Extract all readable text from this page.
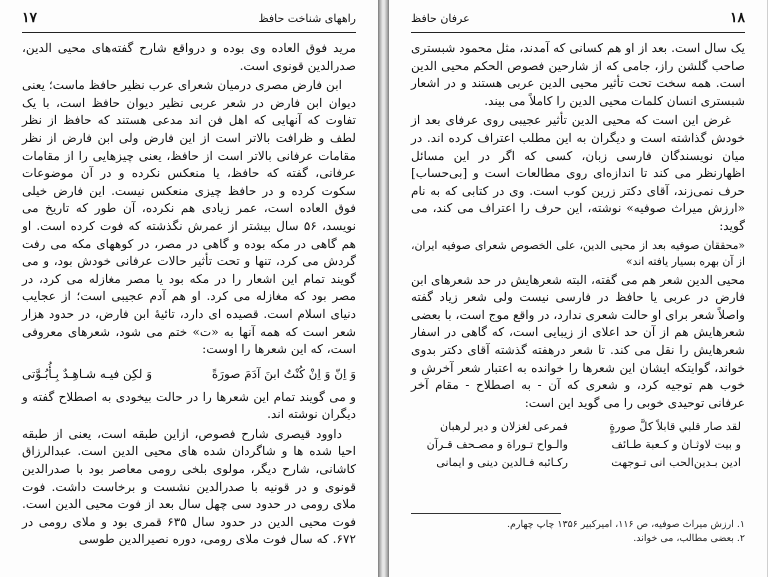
راههای شناخت حافظ
۱۷

مرید فوق العاده وی بوده و درواقع شارح گفته‌های محیی الدین، صدرالدین قونوی است.

ابن فارض مصری درمیان شعرای عرب نظیر حافظ ماست؛ یعنی دیوان ابن فارض در شعر عربی نظیر دیوان حافظ است، با یک تفاوت که آنهایی که اهل فن اند مدعی هستند که حافظ از نظر لطف و ظرافت بالاتر است از این فارض ولی ابن فارض از نظر مقامات عرفانی بالاتر است از حافظ، یعنی چیزهایی را از مقامات عرفانی، گفته که حافظ، یا منعکس نکرده و در آن موضوعات سکوت کرده و در حافظ چیزی منعکس نیست. این فارض خیلی فوق العاده است، عمر زیادی هم نکرده، آن طور که تاریخ می نویسد، ۵۶ سال بیشتر از عمرش نگذشته که فوت کرده است. او هم گاهی در مکه بوده و گاهی در مصر، در کوههای مکه می رفت گردش می کرد، تنها و تحت تأثیر حالات عرفانی خودش بود، و می گویند تمام این اشعار را در مکه بود یا مصر مغازله می کرد، در مصر بود که مغازله می کرد. او هم آدم عجیبی است؛ از عجایب دنیای اسلام است. قصیده ای دارد، تائیهٔ ابن فارض، در حدود هزار شعر است که همه آنها به «ت» ختم می شود، شعرهای معروفی است، که این شعرها را اوست:

وَ اِنّ وَ اِنْ کُنْتُ ابنَ آدَمَ صورَةً
وَ لکِن فیـه شـاهِـدٌ بِـأُبُـوَّتی

و می گویند تمام این شعرها را در حالت بیخودی به اصطلاح گفته و دیگران نوشته اند.

داوود قیصری شارح فصوص، ازاین طبقه است، یعنی از طبقه احیا شده ها و شاگردان شده های محیی الدین است. عبدالرزاق کاشانی، شارح دیگر، مولوی بلخی رومی معاصر بود با صدرالدین قونوی و در قونیه با صدرالدین نشست و برخاست داشت. فوت ملای رومی در حدود سی چهل سال بعد از فوت محیی الدین است. فوت محیی الدین در حدود سال ۶۳۵ قمری بود و ملای رومی در ۶۷۲. که سال فوت ملای رومی، دوره نصیرالدین طوسی

۱۸
عرفان حافظ

یک سال است. بعد از او هم کسانی که آمدند، مثل محمود شبستری صاحب گلشن راز، جامی که از شارحین فصوص الحکم محیی الدین است. همه سخت تحت تأثیر محیی الدین عربی هستند و در اشعار شبستری انسان کلمات محیی الدین را کاملاً می بیند.

غرض این است که محیی الدین تأثیر عجیبی روی عرفای بعد از خودش گذاشته است و دیگران به این مطلب اعتراف کرده اند. در میان نویسندگان فارسی زبان، کسی که اگر در این مسائل اظهارنظر می کند تا اندازه‌ای روی مطالعات است و [بی‌حساب] حرف نمی‌زند، آقای دکتر زرین کوب است. وی در کتابی که به نام «ارزش میراث صوفیه» نوشته، این حرف را اعتراف می کند، می گوید:

«محققان صوفیه بعد از محیی الدین، علی الخصوص شعرای صوفیه ایران، از آن بهره بسیار یافته اند»

محیی الدین شعر هم می گفته، البته شعرهایش در حد شعرهای ابن فارض در عربی یا حافظ در فارسی نیست ولی شعر زیاد گفته واصلاً شعر برای او حالت شعری ندارد، در واقع موج است، با بعضی شعرهایش هم از آن حد اعلای از زیبایی است، که گاهی در اسفار شعرهایش را نقل می کند. تا شعر درهفته گذشته آقای دکتر بدوی خواند، گوایتکه ایشان این شعرها را خوانده به اعتبار شعر آخرش و خوب هم توجیه کرد، و شعری که آن - به اصطلاح - مقام آخر عرفانی توحیدی خوبی را می گوید این است:

لقد صار قلبي قابلاً كلَّ صورةٍ
فمرعی لغزلان و دیر لرهبان
و بیت لاوثـان و کـعبة طـائف
والـواح تـوراة و مصـحف قـرآن
ادین بـدین‌الحب انی تـوجهت
رکـائبه فـالدین دینی و ایمانی
۱. ارزش میراث صوفیه، ص ۱۱۶، امیرکبیر ۱۳۵۶ چاپ چهارم.
۲. بعضی مطالب، می خواند.
